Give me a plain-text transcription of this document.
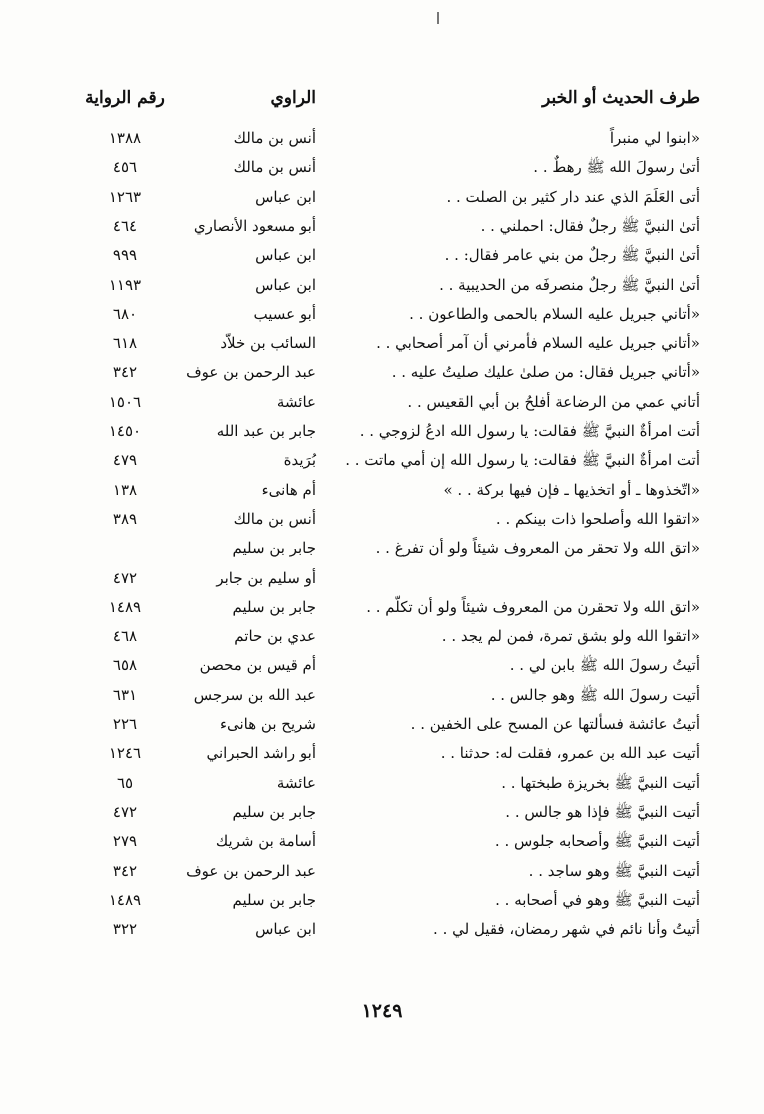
طرف الحديث أو الخبر
الراوي
رقم الرواية
«ابنوا لي منبراً
أنس بن مالك
١٣٨٨
أتىٰ رسولَ الله ﷺ رهطٌ . .
أنس بن مالك
٤٥٦
أتى العَلَمَ الذي عند دار كثير بن الصلت . .
ابن عباس
١٢٦٣
أتىٰ النبيَّ ﷺ رجلٌ فقال: احملني . .
أبو مسعود الأنصاري
٤٦٤
أتىٰ النبيَّ ﷺ رجلٌ من بني عامر فقال: . .
ابن عباس
٩٩٩
أتىٰ النبيَّ ﷺ رجلٌ منصرفَه من الحديبية . .
ابن عباس
١١٩٣
«أتاني جبريل عليه السلام بالحمى والطاعون . .
أبو عسيب
٦٨٠
«أتاني جبريل عليه السلام فأمرني أن آمر أصحابي . .
السائب بن خلاّد
٦١٨
«أتاني جبريل فقال: من صلىٰ عليك صليتُ عليه . .
عبد الرحمن بن عوف
٣٤٢
أتاني عمي من الرضاعة أفلحُ بن أبي القعيس . .
عائشة
١٥٠٦
أتت امرأةٌ النبيَّ ﷺ فقالت: يا رسول الله ادعُ لزوجي . .
جابر بن عبد الله
١٤٥٠
أتت امرأةٌ النبيَّ ﷺ فقالت: يا رسول الله إن أمي ماتت . .
بُرَيدة
٤٧٩
«اتّخذوها ـ أو اتخذيها ـ فإن فيها بركة . . »
أم هانىء
١٣٨
«اتقوا الله وأصلحوا ذات بينكم . .
أنس بن مالك
٣٨٩
«اتق الله ولا تحقر من المعروف شيئاً ولو أن تفرغ . .
جابر بن سليم
أو سليم بن جابر
٤٧٢
«اتق الله ولا تحقرن من المعروف شيئاً ولو أن تكلّم . .
جابر بن سليم
١٤٨٩
«اتقوا الله ولو بشق تمرة، فمن لم يجد . .
عدي بن حاتم
٤٦٨
أتيتُ رسولَ الله ﷺ بابن لي . .
أم قيس بن محصن
٦٥٨
أتيت رسولَ الله ﷺ وهو جالس . .
عبد الله بن سرجس
٦٣١
أتيتُ عائشة فسألتها عن المسح على الخفين . .
شريح بن هانىء
٢٢٦
أتيت عبد الله بن عمرو، فقلت له: حدثنا . .
أبو راشد الحبراني
١٢٤٦
أتيت النبيَّ ﷺ بخريزة طبختها . .
عائشة
٦٥
أتيت النبيَّ ﷺ فإذا هو جالس . .
جابر بن سليم
٤٧٢
أتيت النبيَّ ﷺ وأصحابه جلوس . .
أسامة بن شريك
٢٧٩
أتيت النبيَّ ﷺ وهو ساجد . .
عبد الرحمن بن عوف
٣٤٢
أتيت النبيَّ ﷺ وهو في أصحابه . .
جابر بن سليم
١٤٨٩
أتيتُ وأنا نائم في شهر رمضان، فقيل لي . .
ابن عباس
٣٢٢
١٢٤٩
